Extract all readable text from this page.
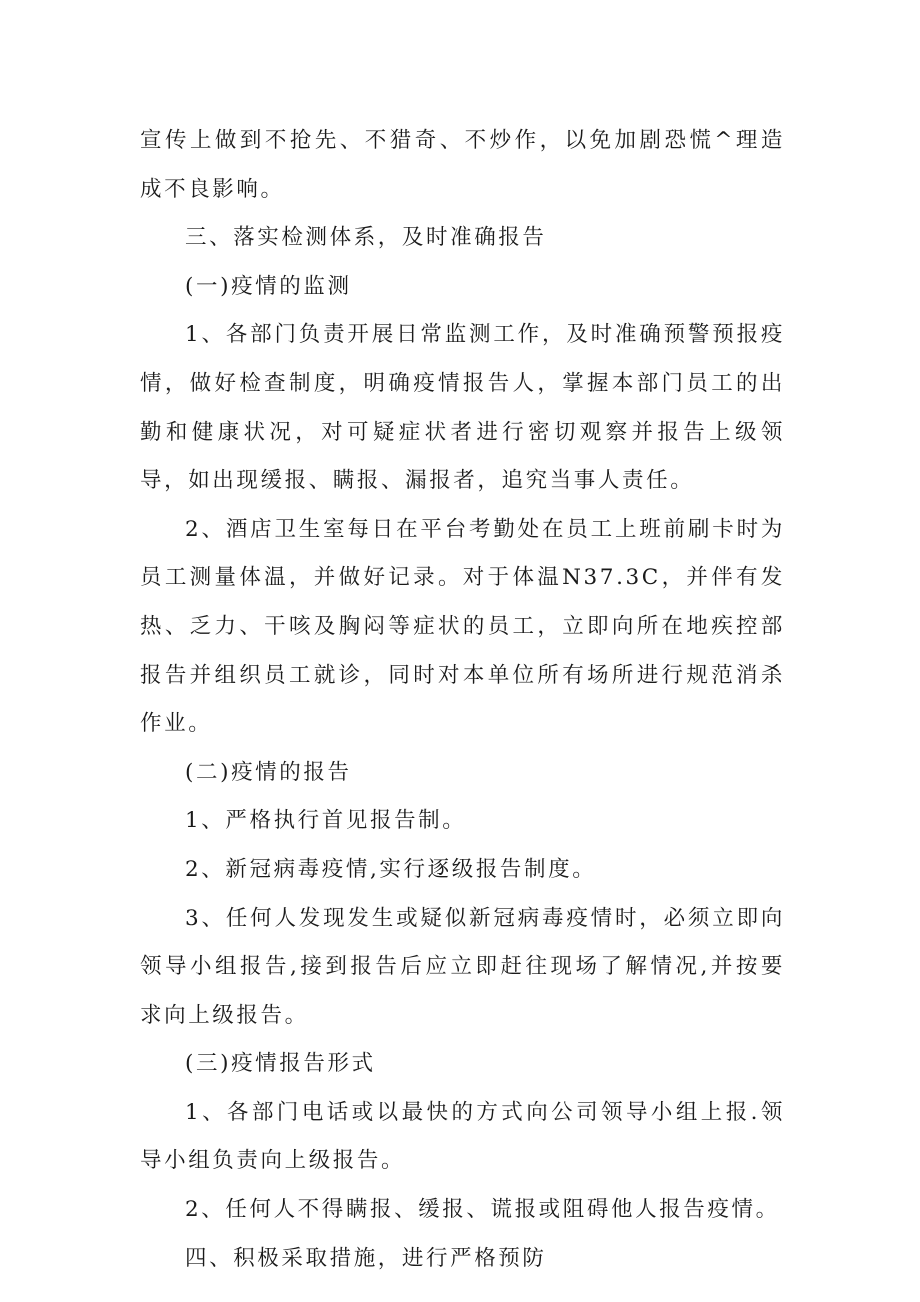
宣传上做到不抢先、不猎奇、不炒作，以免加剧恐慌^理造成不良影响。

三、落实检测体系，及时准确报告

(一)疫情的监测

1、各部门负责开展日常监测工作，及时准确预警预报疫情，做好检查制度，明确疫情报告人，掌握本部门员工的出勤和健康状况，对可疑症状者进行密切观察并报告上级领导，如出现缓报、瞒报、漏报者，追究当事人责任。

2、酒店卫生室每日在平台考勤处在员工上班前刷卡时为员工测量体温，并做好记录。对于体温N37.3C，并伴有发热、乏力、干咳及胸闷等症状的员工，立即向所在地疾控部报告并组织员工就诊，同时对本单位所有场所进行规范消杀作业。

(二)疫情的报告

1、严格执行首见报告制。

2、新冠病毒疫情,实行逐级报告制度。

3、任何人发现发生或疑似新冠病毒疫情时，必须立即向领导小组报告,接到报告后应立即赶往现场了解情况,并按要求向上级报告。

(三)疫情报告形式

1、各部门电话或以最快的方式向公司领导小组上报.领导小组负责向上级报告。

2、任何人不得瞒报、缓报、谎报或阻碍他人报告疫情。

四、积极采取措施，进行严格预防
